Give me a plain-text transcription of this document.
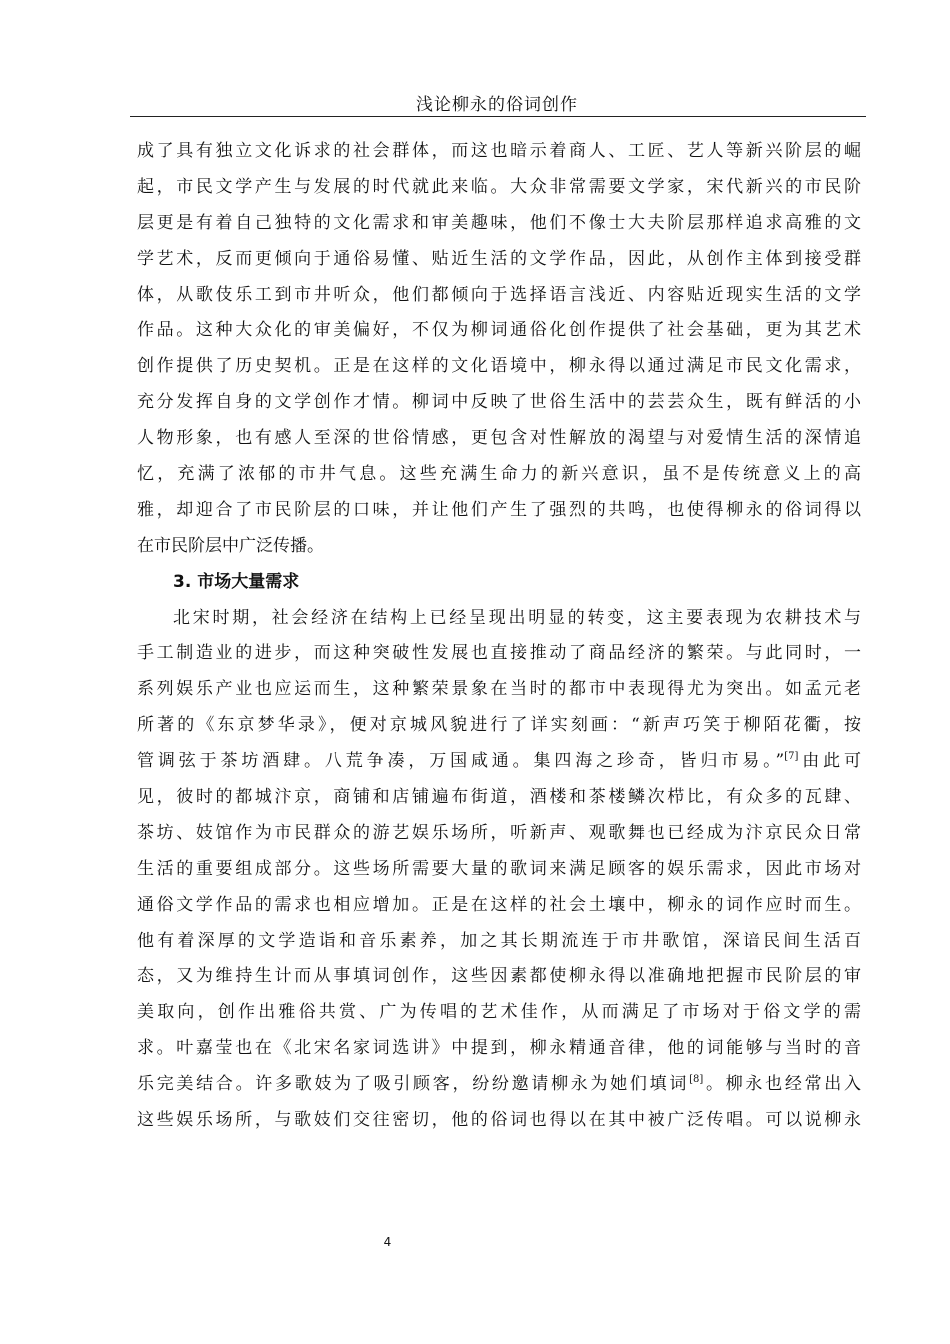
浅论柳永的俗词创作
成了具有独立文化诉求的社会群体，而这也暗示着商人、工匠、艺人等新兴阶层的崛
起，市民文学产生与发展的时代就此来临。大众非常需要文学家，宋代新兴的市民阶
层更是有着自己独特的文化需求和审美趣味，他们不像士大夫阶层那样追求高雅的文
学艺术，反而更倾向于通俗易懂、贴近生活的文学作品，因此，从创作主体到接受群
体，从歌伎乐工到市井听众，他们都倾向于选择语言浅近、内容贴近现实生活的文学
作品。这种大众化的审美偏好，不仅为柳词通俗化创作提供了社会基础，更为其艺术
创作提供了历史契机。正是在这样的文化语境中，柳永得以通过满足市民文化需求，
充分发挥自身的文学创作才情。柳词中反映了世俗生活中的芸芸众生，既有鲜活的小
人物形象，也有感人至深的世俗情感，更包含对性解放的渴望与对爱情生活的深情追
忆，充满了浓郁的市井气息。这些充满生命力的新兴意识，虽不是传统意义上的高
雅，却迎合了市民阶层的口味，并让他们产生了强烈的共鸣，也使得柳永的俗词得以
在市民阶层中广泛传播。
3. 市场大量需求
北宋时期，社会经济在结构上已经呈现出明显的转变，这主要表现为农耕技术与
手工制造业的进步，而这种突破性发展也直接推动了商品经济的繁荣。与此同时，一
系列娱乐产业也应运而生，这种繁荣景象在当时的都市中表现得尤为突出。如孟元老
所著的《东京梦华录》，便对京城风貌进行了详实刻画：“新声巧笑于柳陌花衢，按
管调弦于茶坊酒肆。八荒争凑，万国咸通。集四海之珍奇，皆归市易。”[7]由此可
见，彼时的都城汴京，商铺和店铺遍布街道，酒楼和茶楼鳞次栉比，有众多的瓦肆、
茶坊、妓馆作为市民群众的游艺娱乐场所，听新声、观歌舞也已经成为汴京民众日常
生活的重要组成部分。这些场所需要大量的歌词来满足顾客的娱乐需求，因此市场对
通俗文学作品的需求也相应增加。正是在这样的社会土壤中，柳永的词作应时而生。
他有着深厚的文学造诣和音乐素养，加之其长期流连于市井歌馆，深谙民间生活百
态，又为维持生计而从事填词创作，这些因素都使柳永得以准确地把握市民阶层的审
美取向，创作出雅俗共赏、广为传唱的艺术佳作，从而满足了市场对于俗文学的需
求。叶嘉莹也在《北宋名家词选讲》中提到，柳永精通音律，他的词能够与当时的音
乐完美结合。许多歌妓为了吸引顾客，纷纷邀请柳永为她们填词[8]。柳永也经常出入
这些娱乐场所，与歌妓们交往密切，他的俗词也得以在其中被广泛传唱。可以说柳永
4
